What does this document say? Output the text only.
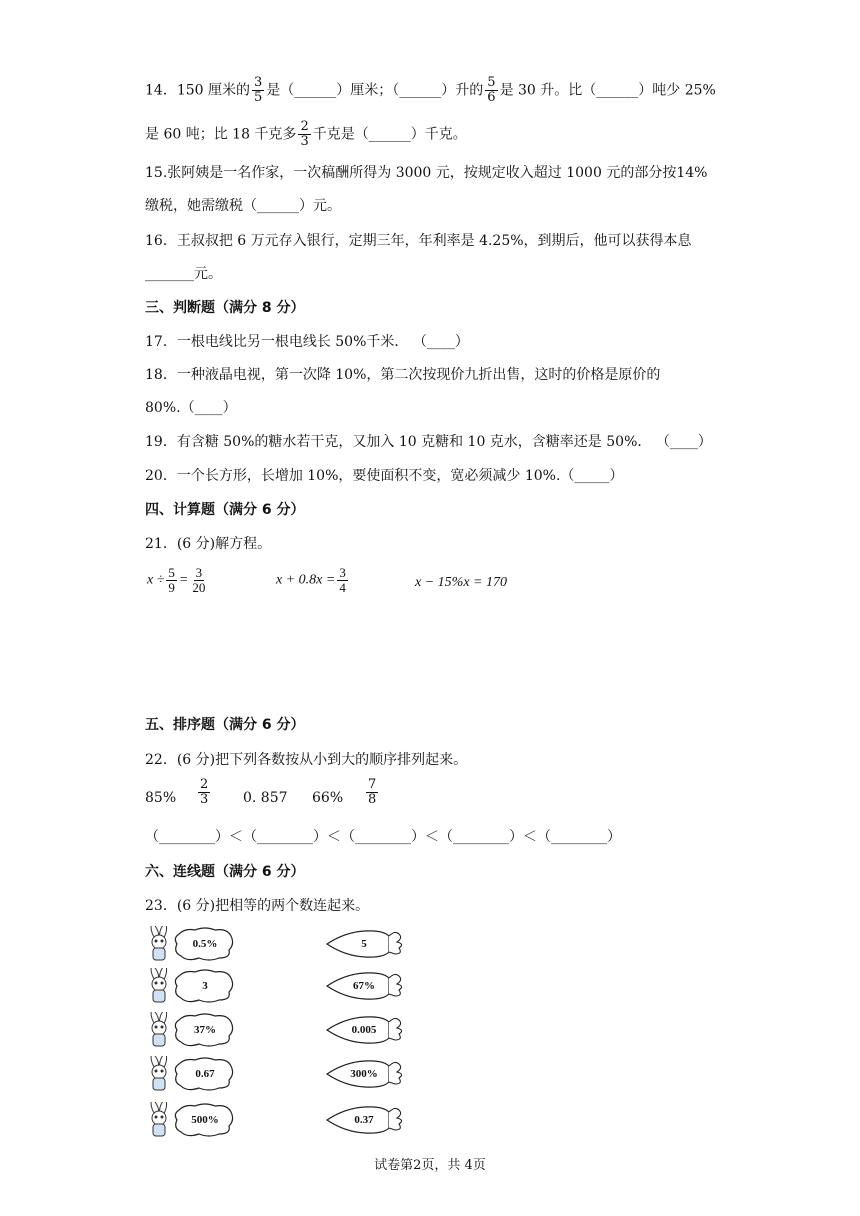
14．150 厘米的 $\frac{3}{5}$ 是（______）厘米；（______）升的 $\frac{5}{6}$ 是 30 升。比（______）吨少 25%
是 60 吨；比 18 千克多 $\frac{2}{3}$ 千克是（______）千克。
15.张阿姨是一名作家，一次稿酬所得为 3000 元，按规定收入超过 1000 元的部分按14%
缴税，她需缴税（______）元。
16．王叔叔把 6 万元存入银行，定期三年，年利率是 4.25%，到期后，他可以获得本息
_______元。
三、判断题（满分 8 分）
17．一根电线比另一根电线长 50%千米． （____）
18．一种液晶电视，第一次降 10%，第二次按现价九折出售，这时的价格是原价的
80%.（____）
19．有含糖 50%的糖水若干克，又加入 10 克糖和 10 克水，含糖率还是 50%． （____）
20．一个长方形，长增加 10%，要使面积不变，宽必须减少 10%.（_____）
四、计算题（满分 6 分）
21．(6 分)解方程。
$x \div \frac{5}{9} = \frac{3}{20}$	$x + 0.8x = \frac{3}{4}$	x − 15%x = 170
五、排序题（满分 6 分）
22．(6 分)把下列各数按从小到大的顺序排列起来。
$85\% \frac{2}{3} 0$. 857 $66\% \frac{7}{8}$
（________）＜（________）＜（________）＜（________）＜（________）
六、连线题（满分 6 分）
23．(6 分)把相等的两个数连起来。
0.5%
3
37%
0.67
500%
5
67%
0.005
300%
0.37
试卷第2页，共 4页
